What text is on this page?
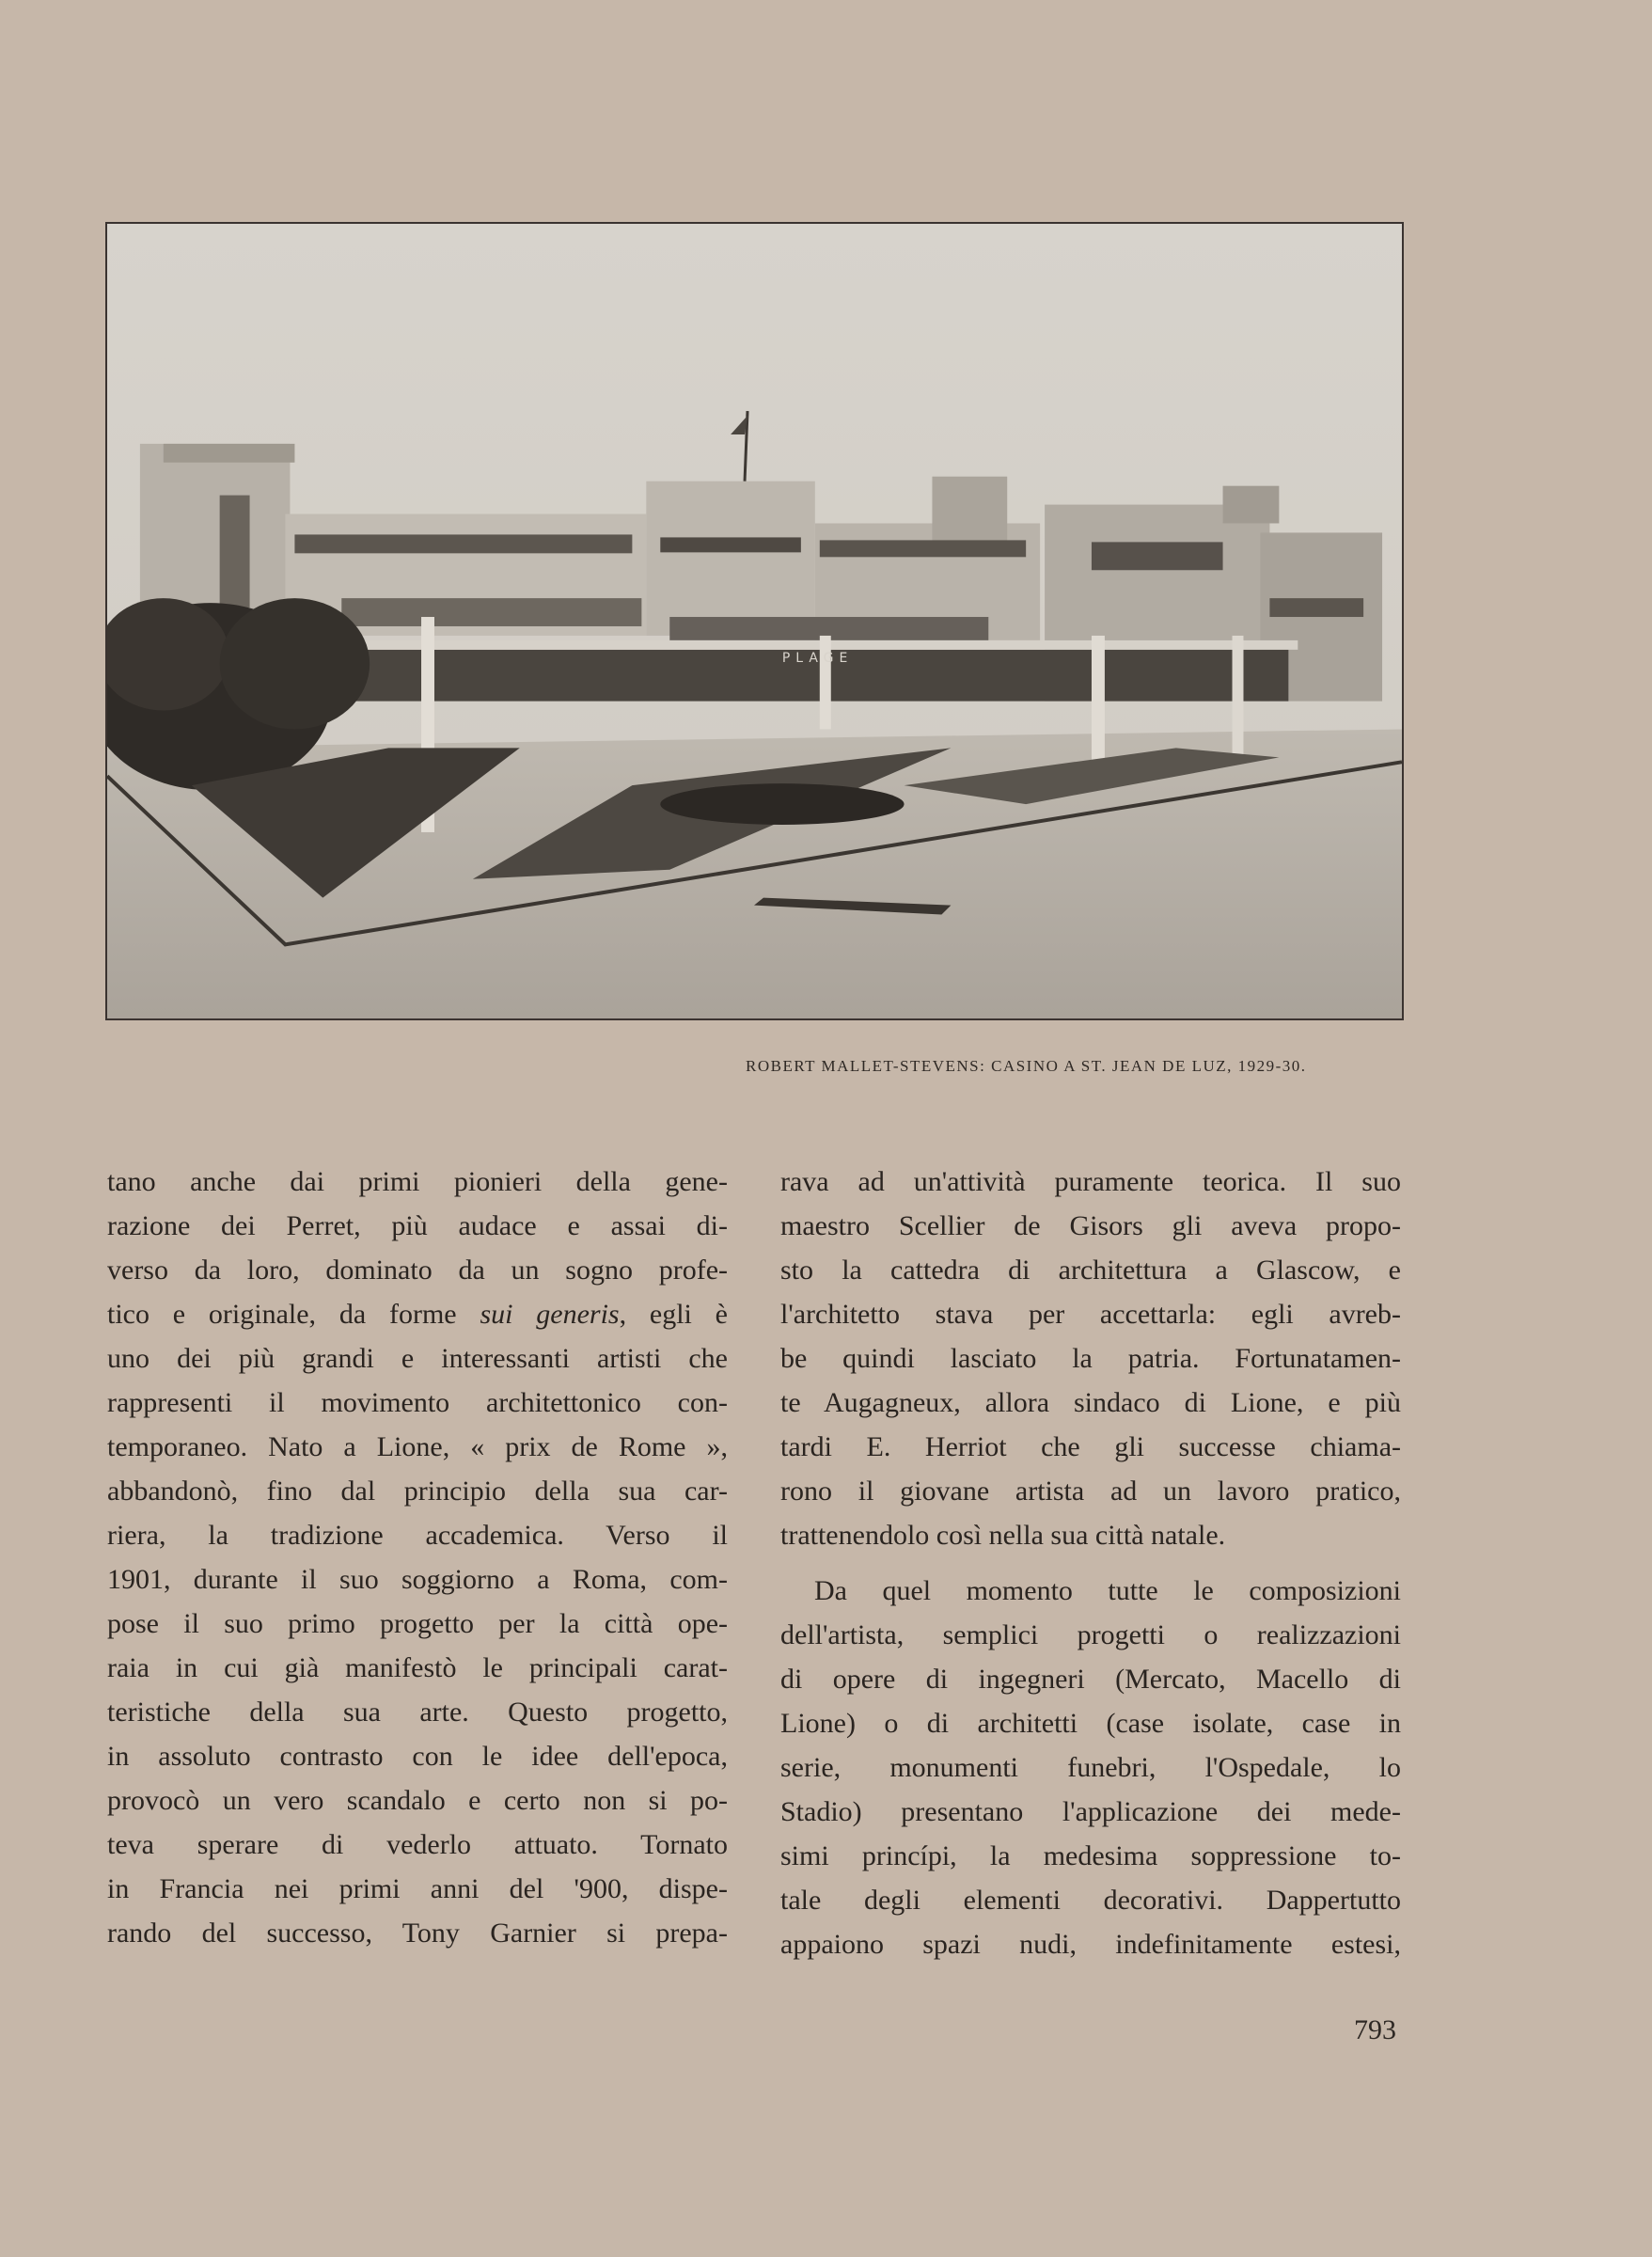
PLAGE
ROBERT MALLET-STEVENS: CASINO A ST. JEAN DE LUZ, 1929-30.
tano anche dai primi pionieri della gene-
razione dei Perret, più audace e assai di-
verso da loro, dominato da un sogno profe-
tico e originale, da forme sui generis, egli è
uno dei più grandi e interessanti artisti che
rappresenti il movimento architettonico con-
temporaneo. Nato a Lione, « prix de Rome »,
abbandonò, fino dal principio della sua car-
riera, la tradizione accademica. Verso il
1901, durante il suo soggiorno a Roma, com-
pose il suo primo progetto per la città ope-
raia in cui già manifestò le principali carat-
teristiche della sua arte. Questo progetto,
in assoluto contrasto con le idee dell'epoca,
provocò un vero scandalo e certo non si po-
teva sperare di vederlo attuato. Tornato
in Francia nei primi anni del '900, dispe-
rando del successo, Tony Garnier si prepa-
rava ad un'attività puramente teorica. Il suo
maestro Scellier de Gisors gli aveva propo-
sto la cattedra di architettura a Glascow, e
l'architetto stava per accettarla: egli avreb-
be quindi lasciato la patria. Fortunatamen-
te Augagneux, allora sindaco di Lione, e più
tardi E. Herriot che gli successe chiama-
rono il giovane artista ad un lavoro pratico,
trattenendolo così nella sua città natale.
Da quel momento tutte le composizioni
dell'artista, semplici progetti o realizzazioni
di opere di ingegneri (Mercato, Macello di
Lione) o di architetti (case isolate, case in
serie, monumenti funebri, l'Ospedale, lo
Stadio) presentano l'applicazione dei mede-
simi princípi, la medesima soppressione to-
tale degli elementi decorativi. Dappertutto
appaiono spazi nudi, indefinitamente estesi,
793
